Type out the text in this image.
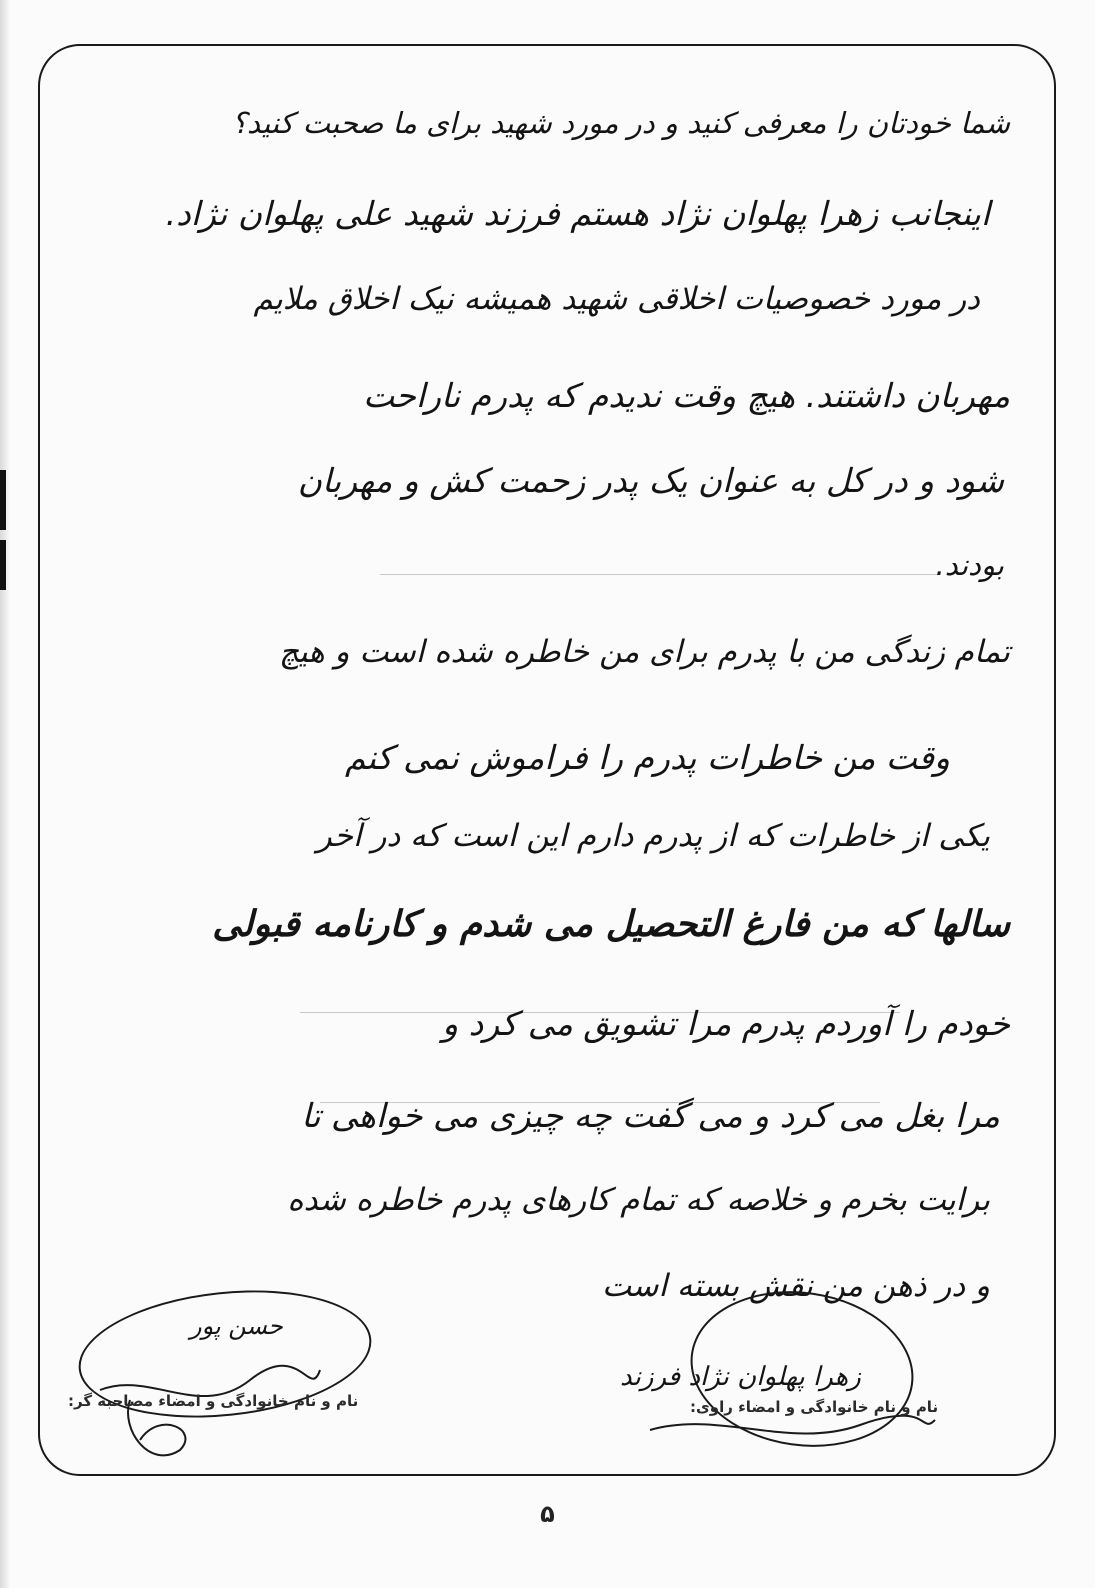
شما خودتان را معرفی کنید و در مورد شهید برای ما صحبت کنید؟
اینجانب زهرا پهلوان نژاد هستم فرزند شهید علی پهلوان نژاد.
در مورد خصوصیات اخلاقی شهید همیشه نیک اخلاق ملایم
مهربان داشتند. هیچ وقت ندیدم که پدرم ناراحت
شود و در کل به عنوان یک پدر زحمت کش و مهربان
بودند.
تمام زندگی من با پدرم برای من خاطره شده است و هیچ
وقت من خاطرات پدرم را فراموش نمی کنم
یکی از خاطرات که از پدرم دارم این است که در آخر
سالها که من فارغ التحصیل می شدم و کارنامه قبولی
خودم را آوردم پدرم مرا تشویق می کرد و
مرا بغل می کرد و می گفت چه چیزی می خواهی تا
برایت بخرم و خلاصه که تمام کارهای پدرم خاطره شده
و در ذهن من نقش بسته است
حسن پور
زهرا پهلوان نژاد فرزند
نام و نام خانوادگی و امضاء مصاحبه گر:	نام و نام خانوادگی و امضاء راوی:
۵
